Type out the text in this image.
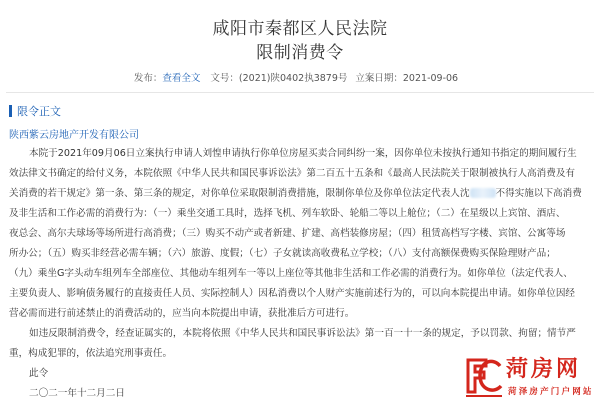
咸阳市秦都区人民法院
限制消费令
发布：查看全文 文号：(2021)陕0402执3879号 立案日期：2021-09-06
限令正文
陕西紫云房地产开发有限公司
本院于2021年09月06日立案执行申请人刘惶申请执行你单位房屋买卖合同纠纷一案，因你单位未按执行通知书指定的期间履行生
效法律文书确定的给付义务，本院依照《中华人民共和国民事诉讼法》第二百五十五条和《最高人民法院关于限制被执行人高消费及有
关消费的若干规定》第一条、第三条的规定，对你单位采取限制消费措施，限制你单位及你单位法定代表人沈	不得实施以下高消费
及非生活和工作必需的消费行为：（一）乘坐交通工具时，选择飞机、列车软卧、轮船二等以上舱位；（二）在星级以上宾馆、酒店、
夜总会、高尔夫球场等场所进行高消费；（三）购买不动产或者新建、扩建、高档装修房屋；（四）租赁高档写字楼、宾馆、公寓等场
所办公；（五）购买非经营必需车辆；（六）旅游、度假；（七）子女就读高收费私立学校；（八）支付高额保费购买保险理财产品；
（九）乘坐G字头动车组列车全部座位、其他动车组列车一等以上座位等其他非生活和工作必需的消费行为。如你单位（法定代表人、
主要负责人、影响债务履行的直接责任人员、实际控制人）因私消费以个人财产实施前述行为的，可以向本院提出申请。如你单位因经
营必需而进行前述禁止的消费活动的，应当向本院提出申请，获批准后方可进行。
如违反限制消费令，经查证属实的，本院将依照《中华人民共和国民事诉讼法》第一百一十一条的规定，予以罚款、拘留；情节严
重，构成犯罪的，依法追究刑事责任。
此令
二〇二一年十二月二日
菏房网
菏泽房产门户网站
